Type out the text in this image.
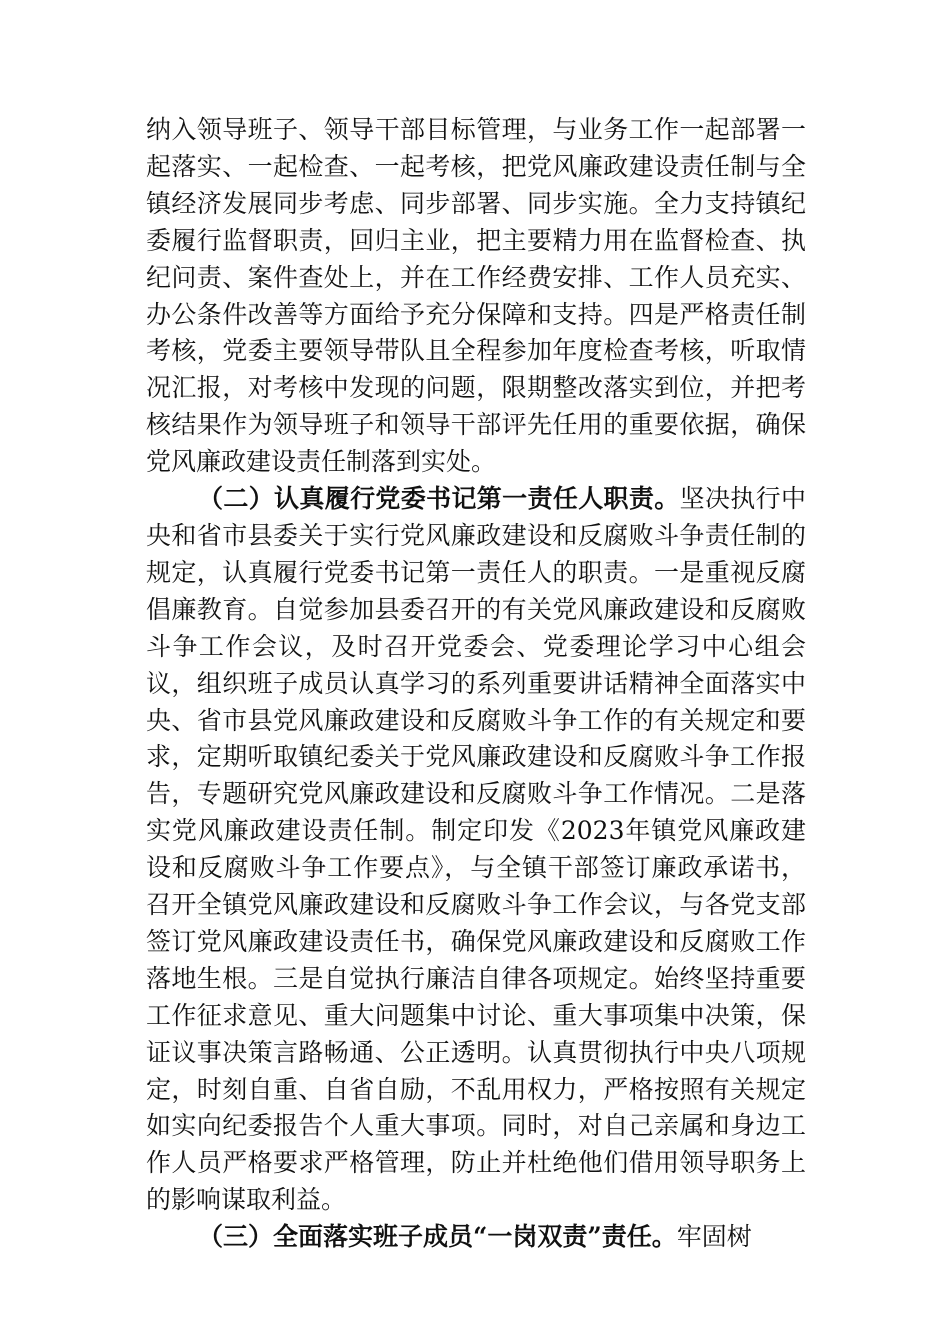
纳入领导班子、领导干部目标管理，与业务工作一起部署一起落实、一起检查、一起考核，把党风廉政建设责任制与全镇经济发展同步考虑、同步部署、同步实施。全力支持镇纪委履行监督职责，回归主业，把主要精力用在监督检查、执纪问责、案件查处上，并在工作经费安排、工作人员充实、办公条件改善等方面给予充分保障和支持。四是严格责任制考核，党委主要领导带队且全程参加年度检查考核，听取情况汇报，对考核中发现的问题，限期整改落实到位，并把考核结果作为领导班子和领导干部评先任用的重要依据，确保党风廉政建设责任制落到实处。

（二）认真履行党委书记第一责任人职责。坚决执行中央和省市县委关于实行党风廉政建设和反腐败斗争责任制的规定，认真履行党委书记第一责任人的职责。一是重视反腐倡廉教育。自觉参加县委召开的有关党风廉政建设和反腐败斗争工作会议，及时召开党委会、党委理论学习中心组会议，组织班子成员认真学习的系列重要讲话精神全面落实中央、省市县党风廉政建设和反腐败斗争工作的有关规定和要求，定期听取镇纪委关于党风廉政建设和反腐败斗争工作报告，专题研究党风廉政建设和反腐败斗争工作情况。二是落实党风廉政建设责任制。制定印发《2023年镇党风廉政建设和反腐败斗争工作要点》，与全镇干部签订廉政承诺书，召开全镇党风廉政建设和反腐败斗争工作会议，与各党支部签订党风廉政建设责任书，确保党风廉政建设和反腐败工作落地生根。三是自觉执行廉洁自律各项规定。始终坚持重要工作征求意见、重大问题集中讨论、重大事项集中决策，保证议事决策言路畅通、公正透明。认真贯彻执行中央八项规定，时刻自重、自省自励，不乱用权力，严格按照有关规定如实向纪委报告个人重大事项。同时，对自己亲属和身边工作人员严格要求严格管理，防止并杜绝他们借用领导职务上的影响谋取利益。

（三）全面落实班子成员“一岗双责”责任。牢固树
